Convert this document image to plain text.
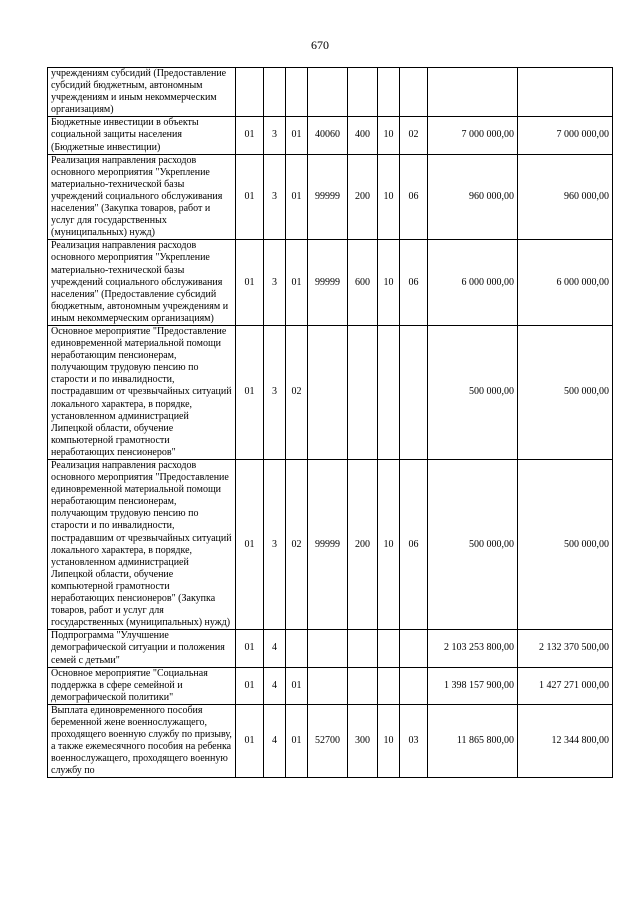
670
учреждениям субсидий (Предоставление субсидий бюджетным, автономным учреждениям и иным некоммерческим организациям)									
Бюджетные инвестиции в объекты социальной защиты населения (Бюджетные инвестиции)	01	3	01	40060	400	10	02	7 000 000,00	7 000 000,00
Реализация направления расходов основного мероприятия "Укрепление материально-технической базы учреждений социального обслуживания населения" (Закупка товаров, работ и услуг для государственных (муниципальных) нужд)	01	3	01	99999	200	10	06	960 000,00	960 000,00
Реализация направления расходов основного мероприятия "Укрепление материально-технической базы учреждений социального обслуживания населения" (Предоставление субсидий бюджетным, автономным учреждениям и иным некоммерческим организациям)	01	3	01	99999	600	10	06	6 000 000,00	6 000 000,00
Основное мероприятие "Предоставление единовременной материальной помощи неработающим пенсионерам, получающим трудовую пенсию по старости и по инвалидности, пострадавшим от чрезвычайных ситуаций локального характера, в порядке, установленном администрацией Липецкой области, обучение компьютерной грамотности неработающих пенсионеров"	01	3	02					500 000,00	500 000,00
Реализация направления расходов основного мероприятия "Предоставление единовременной материальной помощи неработающим пенсионерам, получающим трудовую пенсию по старости и по инвалидности, пострадавшим от чрезвычайных ситуаций локального характера, в порядке, установленном администрацией Липецкой области, обучение компьютерной грамотности неработающих пенсионеров" (Закупка товаров, работ и услуг для государственных (муниципальных) нужд)	01	3	02	99999	200	10	06	500 000,00	500 000,00
Подпрограмма "Улучшение демографической ситуации и положения семей с детьми"	01	4						2 103 253 800,00	2 132 370 500,00
Основное мероприятие "Социальная поддержка в сфере семейной и демографической политики"	01	4	01					1 398 157 900,00	1 427 271 000,00
Выплата единовременного пособия беременной жене военнослужащего, проходящего военную службу по призыву, а также ежемесячного пособия на ребенка военнослужащего, проходящего военную службу по	01	4	01	52700	300	10	03	11 865 800,00	12 344 800,00
